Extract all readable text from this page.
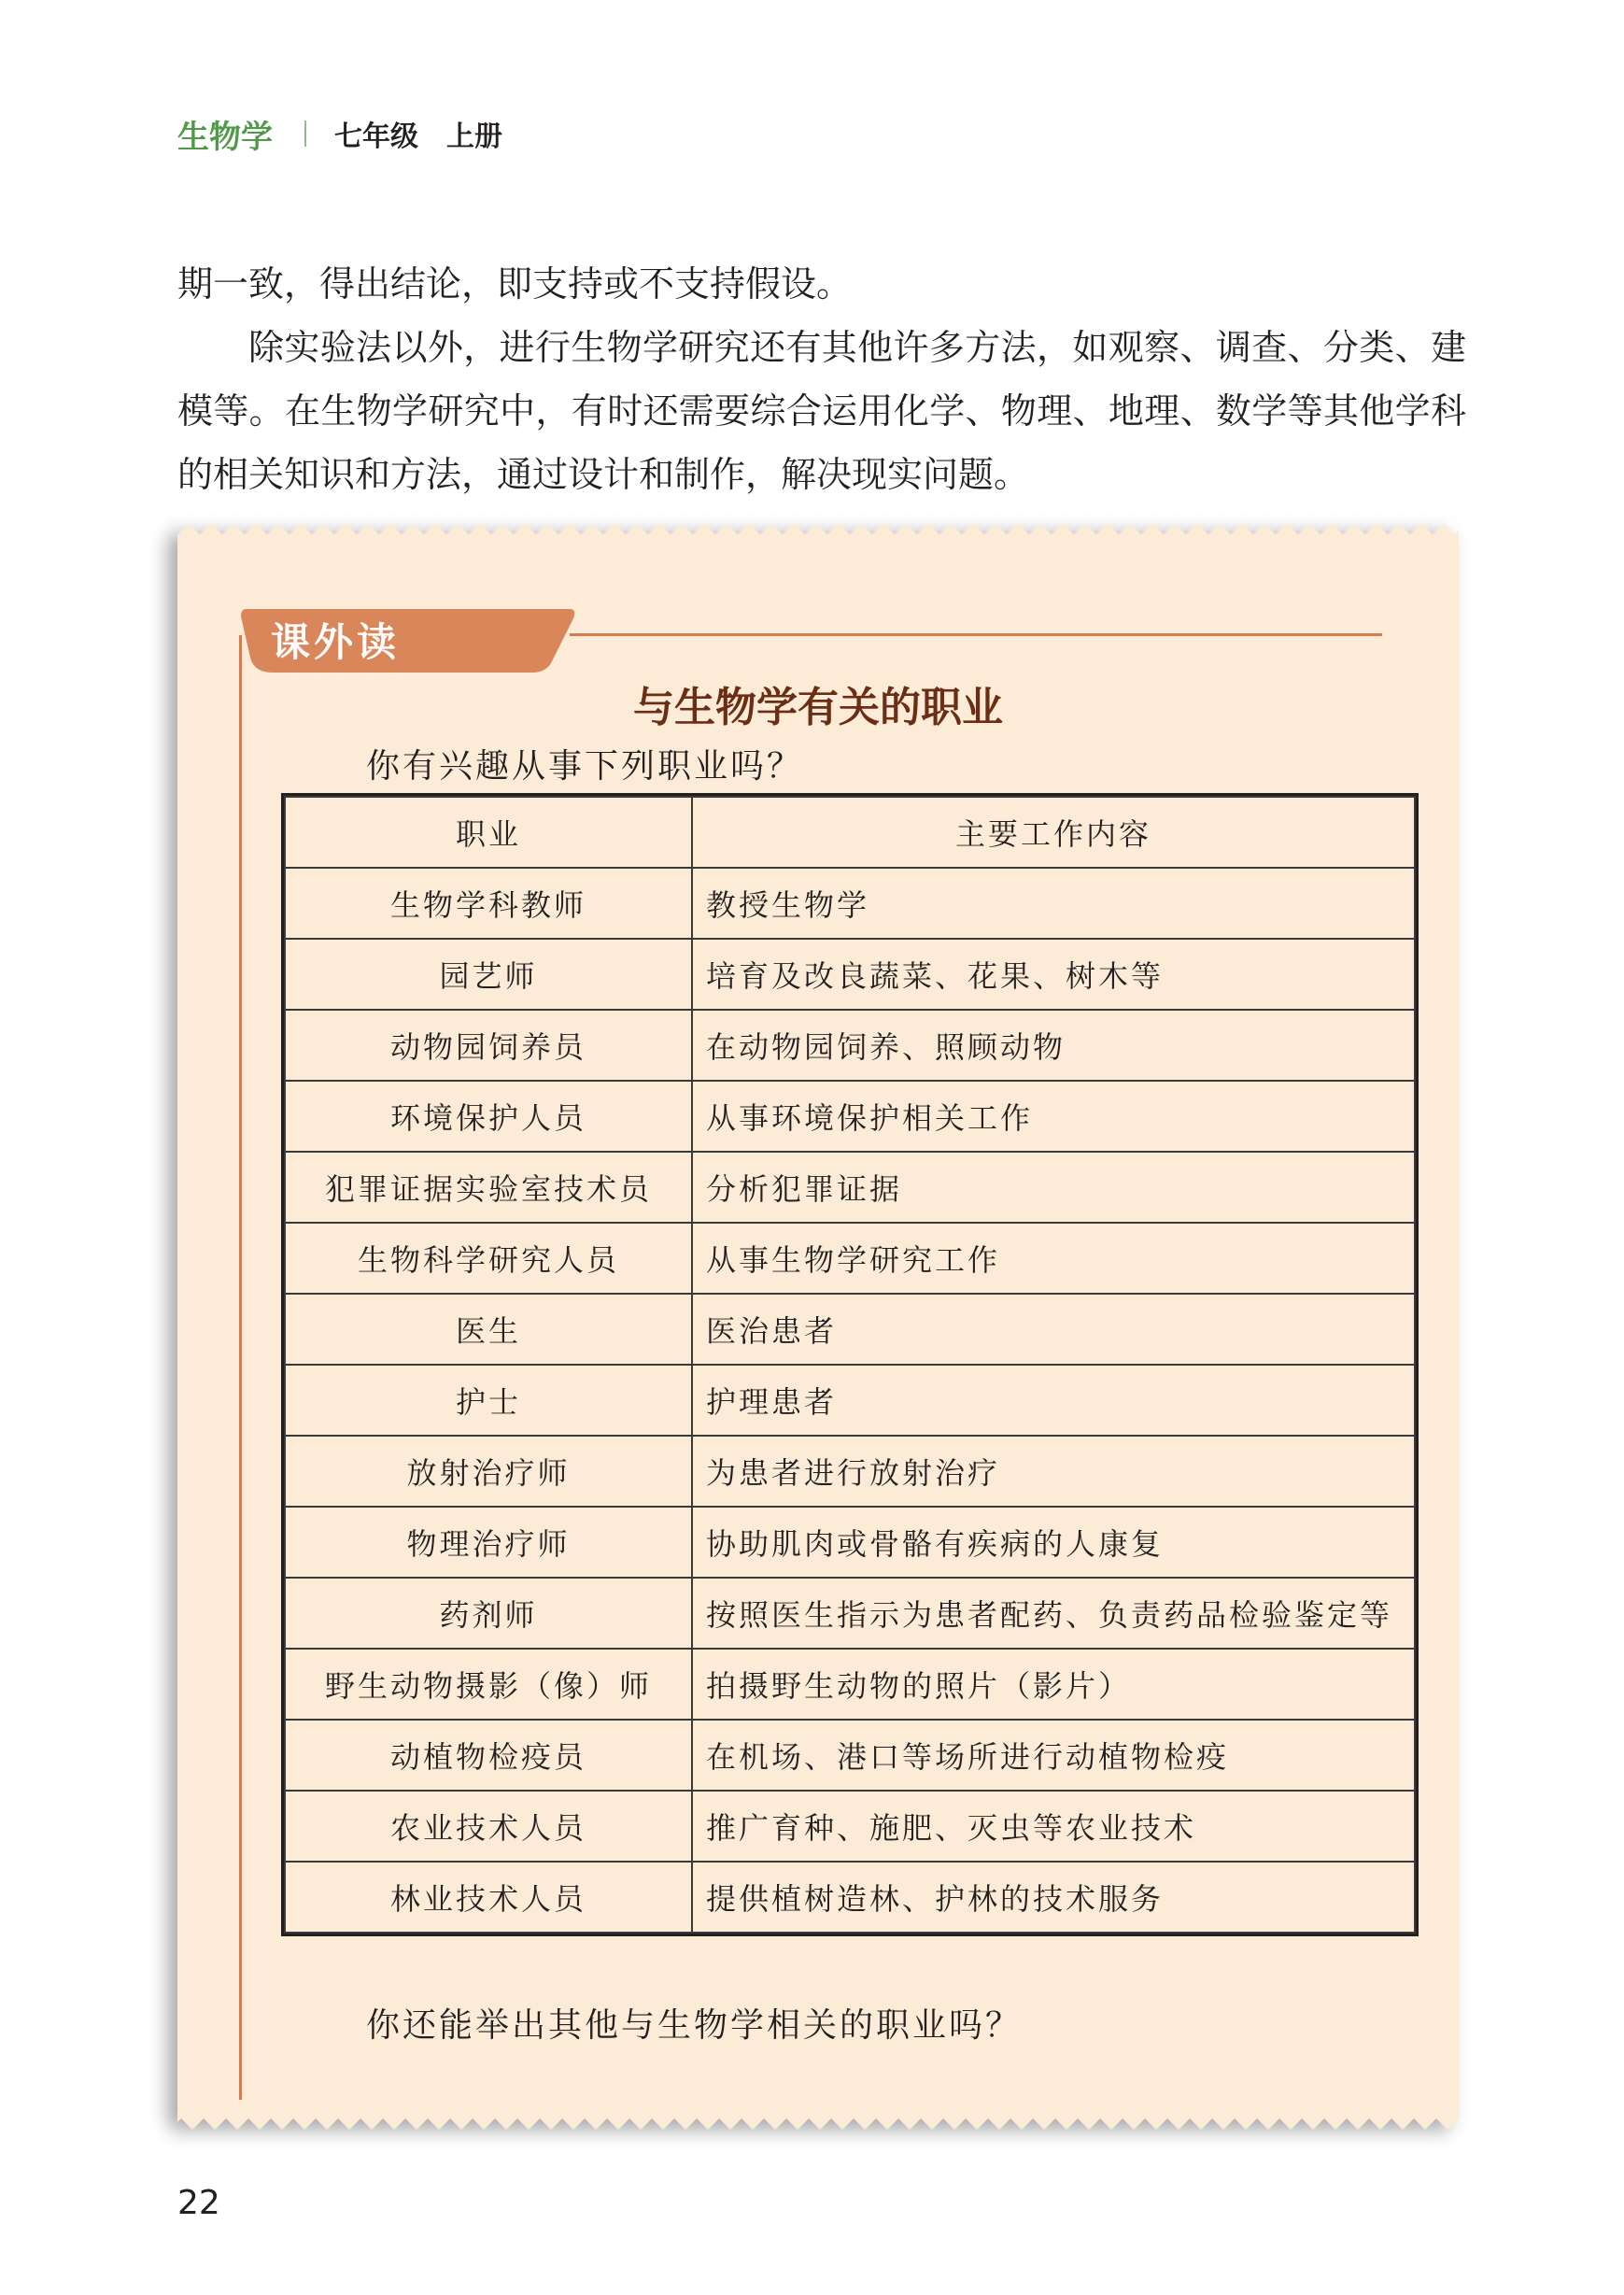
生物学 七年级 上册

期一致，得出结论，即支持或不支持假设。

除实验法以外，进行生物学研究还有其他许多方法，如观察、调查、分类、建模等。在生物学研究中，有时还需要综合运用化学、物理、地理、数学等其他学科的相关知识和方法，通过设计和制作，解决现实问题。

课外读
与生物学有关的职业
你有兴趣从事下列职业吗？
职业	主要工作内容
生物学科教师	教授生物学
园艺师	培育及改良蔬菜、花果、树木等
动物园饲养员	在动物园饲养、照顾动物
环境保护人员	从事环境保护相关工作
犯罪证据实验室技术员	分析犯罪证据
生物科学研究人员	从事生物学研究工作
医生	医治患者
护士	护理患者
放射治疗师	为患者进行放射治疗
物理治疗师	协助肌肉或骨骼有疾病的人康复
药剂师	按照医生指示为患者配药、负责药品检验鉴定等
野生动物摄影（像）师	拍摄野生动物的照片（影片）
动植物检疫员	在机场、港口等场所进行动植物检疫
农业技术人员	推广育种、施肥、灭虫等农业技术
林业技术人员	提供植树造林、护林的技术服务
你还能举出其他与生物学相关的职业吗？
22
